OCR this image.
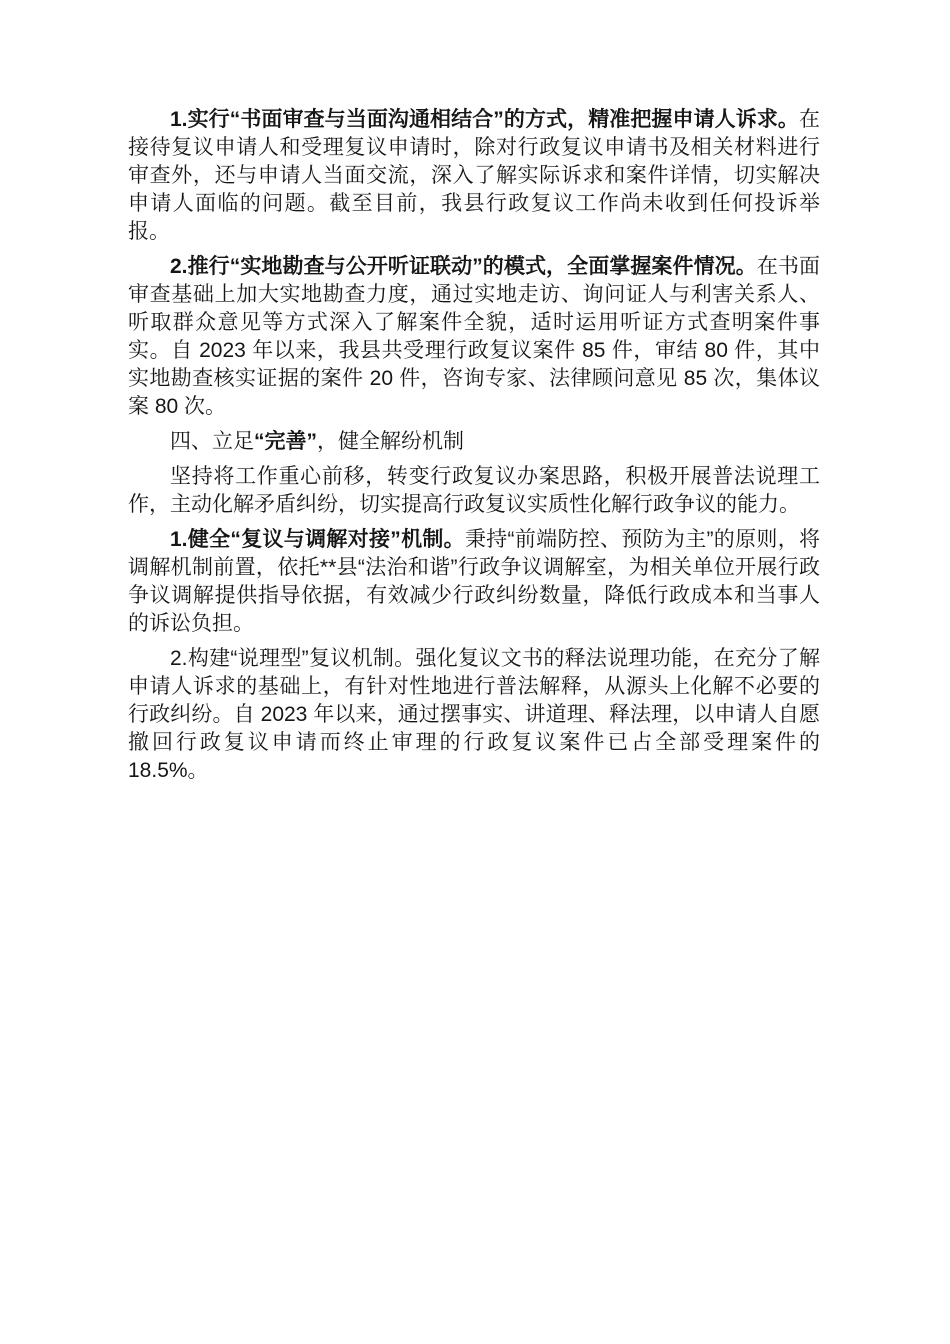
1.实行“书面审查与当面沟通相结合”的方式，精准把握申请人诉求。在接待复议申请人和受理复议申请时，除对行政复议申请书及相关材料进行审查外，还与申请人当面交流，深入了解实际诉求和案件详情，切实解决申请人面临的问题。截至目前，我县行政复议工作尚未收到任何投诉举报。

2.推行“实地勘查与公开听证联动”的模式，全面掌握案件情况。在书面审查基础上加大实地勘查力度，通过实地走访、询问证人与利害关系人、听取群众意见等方式深入了解案件全貌，适时运用听证方式查明案件事实。自 2023 年以来，我县共受理行政复议案件 85 件，审结 80 件，其中实地勘查核实证据的案件 20 件，咨询专家、法律顾问意见 85 次，集体议案 80 次。

四、立足“完善”，健全解纷机制

坚持将工作重心前移，转变行政复议办案思路，积极开展普法说理工作，主动化解矛盾纠纷，切实提高行政复议实质性化解行政争议的能力。

1.健全“复议与调解对接”机制。秉持“前端防控、预防为主”的原则，将调解机制前置，依托**县“法治和谐”行政争议调解室，为相关单位开展行政争议调解提供指导依据，有效减少行政纠纷数量，降低行政成本和当事人的诉讼负担。

2.构建“说理型”复议机制。强化复议文书的释法说理功能，在充分了解申请人诉求的基础上，有针对性地进行普法解释，从源头上化解不必要的行政纠纷。自 2023 年以来，通过摆事实、讲道理、释法理，以申请人自愿撤回行政复议申请而终止审理的行政复议案件已占全部受理案件的 18.5%。
